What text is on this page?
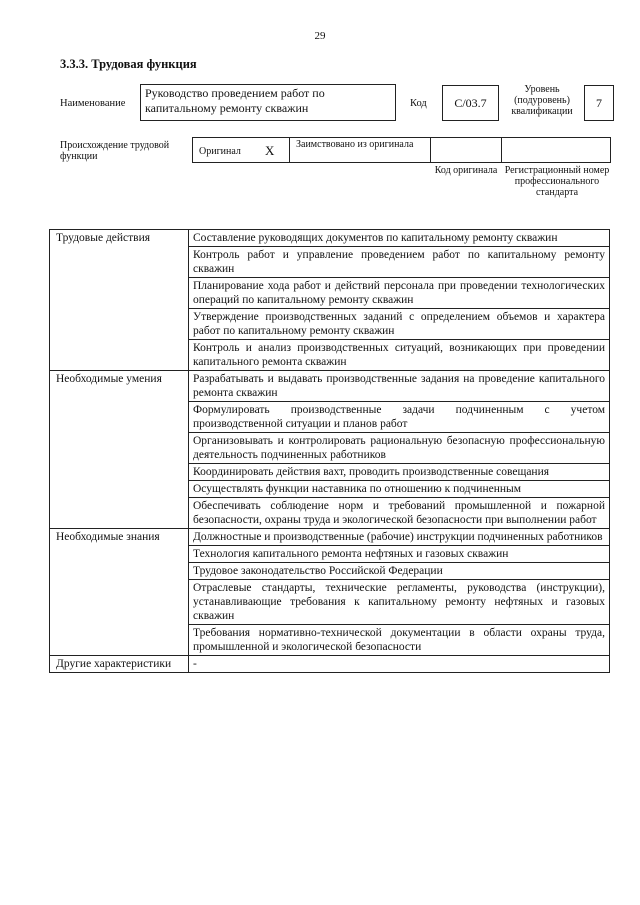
29
3.3.3. Трудовая функция
Наименование
Руководство проведением работ по капитальному ремонту скважин	Код	C/03.7
Уровень (подуровень) квалификации
7
Происхождение трудовой функции	Оригинал X Заимствовано из оригинала
Код оригинала Регистрационный номер профессионального стандарта
Трудовые действия	Составление руководящих документов по капитальному ремонту скважин
	Контроль работ и управление проведением работ по капитальному ремонту скважин
	Планирование хода работ и действий персонала при проведении технологических операций по капитальному ремонту скважин
	Утверждение производственных заданий с определением объемов и характера работ по капитальному ремонту скважин
	Контроль и анализ производственных ситуаций, возникающих при проведении капитального ремонта скважин
Необходимые умения	Разрабатывать и выдавать производственные задания на проведение капитального ремонта скважин
	Формулировать производственные задачи подчиненным с учетом производственной ситуации и планов работ
	Организовывать и контролировать рациональную безопасную профессиональную деятельность подчиненных работников
	Координировать действия вахт, проводить производственные совещания
	Осуществлять функции наставника по отношению к подчиненным
	Обеспечивать соблюдение норм и требований промышленной и пожарной безопасности, охраны труда и экологической безопасности при выполнении работ
Необходимые знания	Должностные и производственные (рабочие) инструкции подчиненных работников
	Технология капитального ремонта нефтяных и газовых скважин
	Трудовое законодательство Российской Федерации
	Отраслевые стандарты, технические регламенты, руководства (инструкции), устанавливающие требования к капитальному ремонту нефтяных и газовых скважин
	Требования нормативно-технической документации в области охраны труда, промышленной и экологической безопасности
Другие характеристики	-
